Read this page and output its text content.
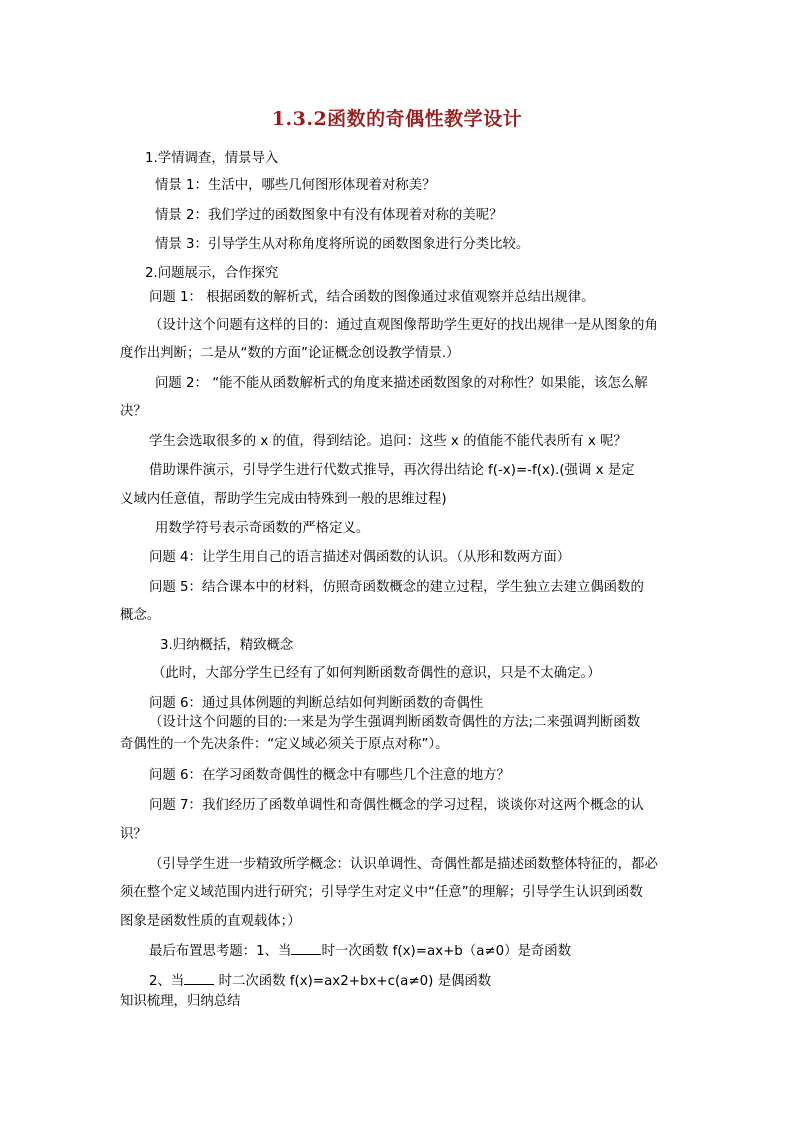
1.3.2函数的奇偶性教学设计

1.学情调查，情景导入

情景 1：生活中，哪些几何图形体现着对称美？

情景 2：我们学过的函数图象中有没有体现着对称的美呢？

情景 3：引导学生从对称角度将所说的函数图象进行分类比较。

2.问题展示，合作探究

问题 1： 根据函数的解析式，结合函数的图像通过求值观察并总结出规律。

（设计这个问题有这样的目的：通过直观图像帮助学生更好的找出规律一是从图象的角

度作出判断；二是从“数的方面”论证概念创设教学情景.）

问题 2： “能不能从函数解析式的角度来描述函数图象的对称性？如果能，该怎么解

决？

学生会选取很多的 x 的值，得到结论。追问：这些 x 的值能不能代表所有 x 呢？

借助课件演示，引导学生进行代数式推导，再次得出结论 f(-x)=-f(x).(强调 x 是定

义域内任意值，帮助学生完成由特殊到一般的思维过程)

用数学符号表示奇函数的严格定义。

问题 4：让学生用自己的语言描述对偶函数的认识。（从形和数两方面）

问题 5：结合课本中的材料，仿照奇函数概念的建立过程，学生独立去建立偶函数的

概念。

3.归纳概括，精致概念

（此时，大部分学生已经有了如何判断函数奇偶性的意识，只是不太确定。）

问题 6：通过具体例题的判断总结如何判断函数的奇偶性

（设计这个问题的目的:一来是为学生强调判断函数奇偶性的方法;二来强调判断函数

奇偶性的一个先决条件：“定义域必须关于原点对称”）。

问题 6：在学习函数奇偶性的概念中有哪些几个注意的地方？

问题 7：我们经历了函数单调性和奇偶性概念的学习过程，谈谈你对这两个概念的认

识？

（引导学生进一步精致所学概念：认识单调性、奇偶性都是描述函数整体特征的，都必

须在整个定义域范围内进行研究；引导学生对定义中“任意”的理解；引导学生认识到函数

图象是函数性质的直观载体；）

最后布置思考题：1、当 时一次函数 f(x)=ax+b（a≠0）是奇函数

2、当 时二次函数 f(x)=ax2+bx+c(a≠0) 是偶函数

知识梳理，归纳总结
